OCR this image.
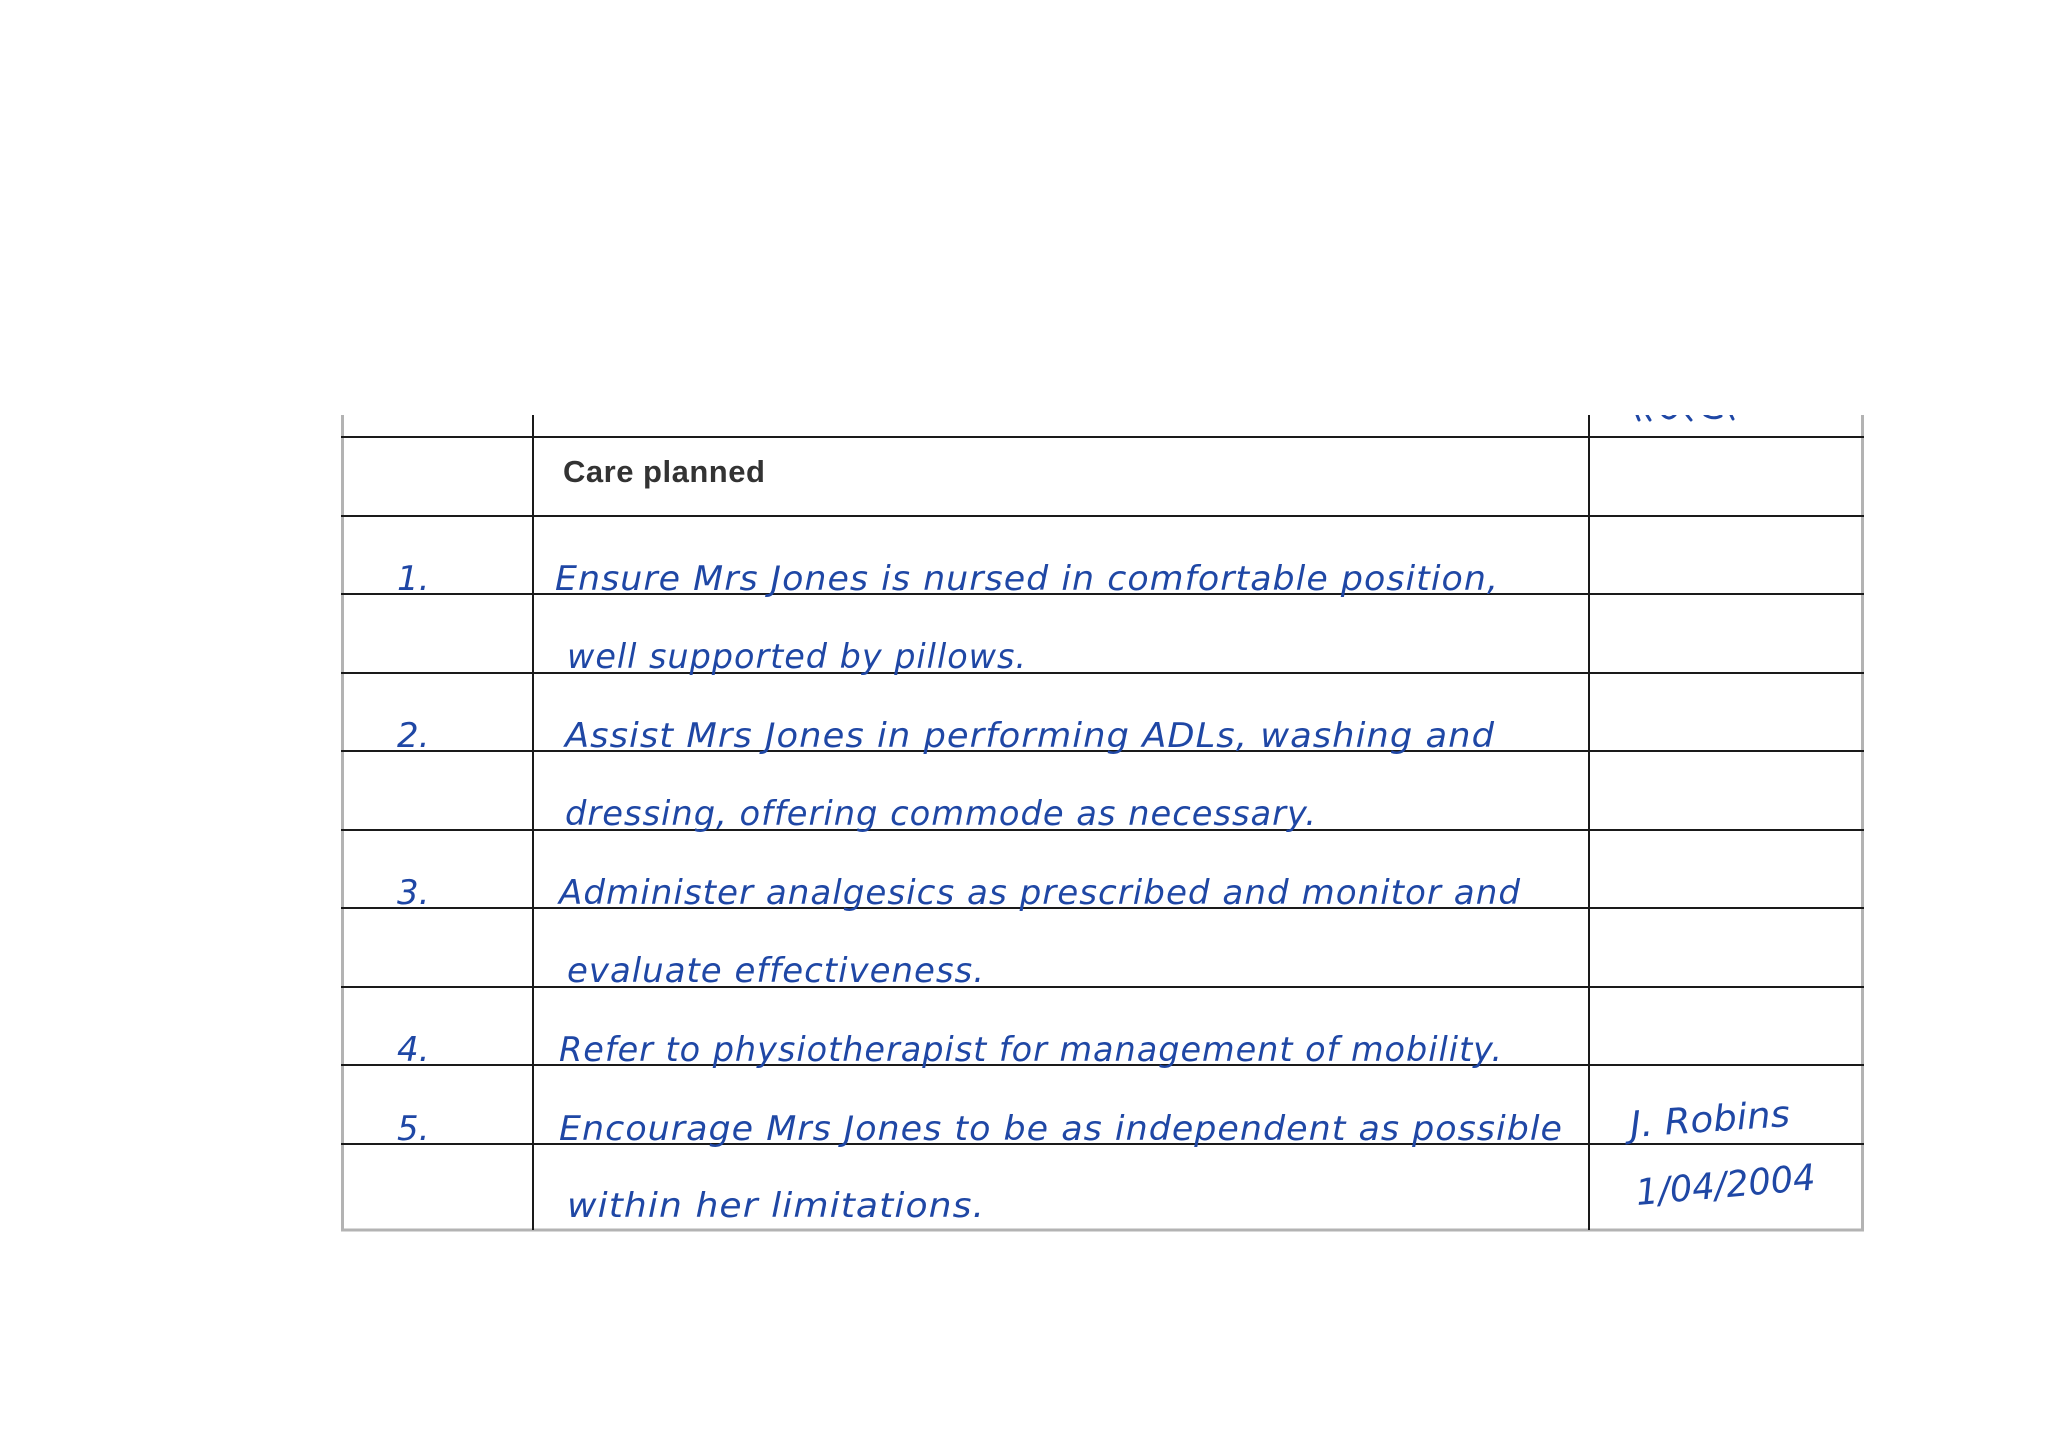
Care planned
1.
2.
3.
4.
5.
Ensure Mrs Jones is nursed in comfortable position,
well supported by pillows.
Assist Mrs Jones in performing ADLs, washing and
dressing, offering commode as necessary.
Administer analgesics as prescribed and monitor and
evaluate effectiveness.
Refer to physiotherapist for management of mobility.
Encourage Mrs Jones to be as independent as possible
within her limitations.
J. Robins
1/04/2004
